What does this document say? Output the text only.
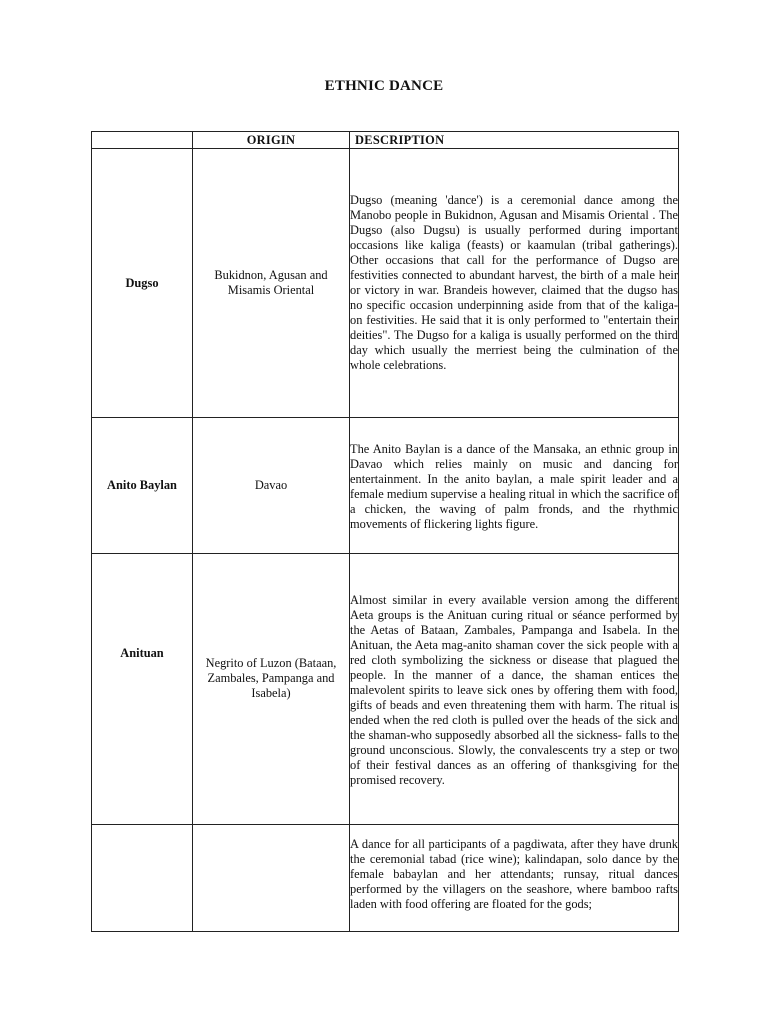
ETHNIC DANCE
	ORIGIN	DESCRIPTION
Dugso	Bukidnon, Agusan and Misamis Oriental	Dugso (meaning 'dance') is a ceremonial dance among the Manobo people in Bukidnon, Agusan and Misamis Oriental . The Dugso (also Dugsu) is usually performed during important occasions like kaliga (feasts) or kaamulan (tribal gatherings). Other occasions that call for the performance of Dugso are festivities connected to abundant harvest, the birth of a male heir or victory in war. Brandeis however, claimed that the dugso has no specific occasion underpinning aside from that of the kaliga-on festivities. He said that it is only performed to "entertain their deities". The Dugso for a kaliga is usually performed on the third day which usually the merriest being the culmination of the whole celebrations.

Anito Baylan	Davao	The Anito Baylan is a dance of the Mansaka, an ethnic group in Davao which relies mainly on music and dancing for entertainment. In the anito baylan, a male spirit leader and a female medium supervise a healing ritual in which the sacrifice of a chicken, the waving of palm fronds, and the rhythmic movements of flickering lights figure.

Anituan	Negrito of Luzon (Bataan, Zambales, Pampanga and Isabela)	Almost similar in every available version among the different Aeta groups is the Anituan curing ritual or séance performed by the Aetas of Bataan, Zambales, Pampanga and Isabela. In the Anituan, the Aeta mag-anito shaman cover the sick people with a red cloth symbolizing the sickness or disease that plagued the people. In the manner of a dance, the shaman entices the malevolent spirits to leave sick ones by offering them with food, gifts of beads and even threatening them with harm. The ritual is ended when the red cloth is pulled over the heads of the sick and the shaman-who supposedly absorbed all the sickness- falls to the ground unconscious. Slowly, the convalescents try a step or two of their festival dances as an offering of thanksgiving for the promised recovery.

		A dance for all participants of a pagdiwata, after they have drunk the ceremonial tabad (rice wine); kalindapan, solo dance by the female babaylan and her attendants; runsay, ritual dances performed by the villagers on the seashore, where bamboo rafts laden with food offering are floated for the gods;
